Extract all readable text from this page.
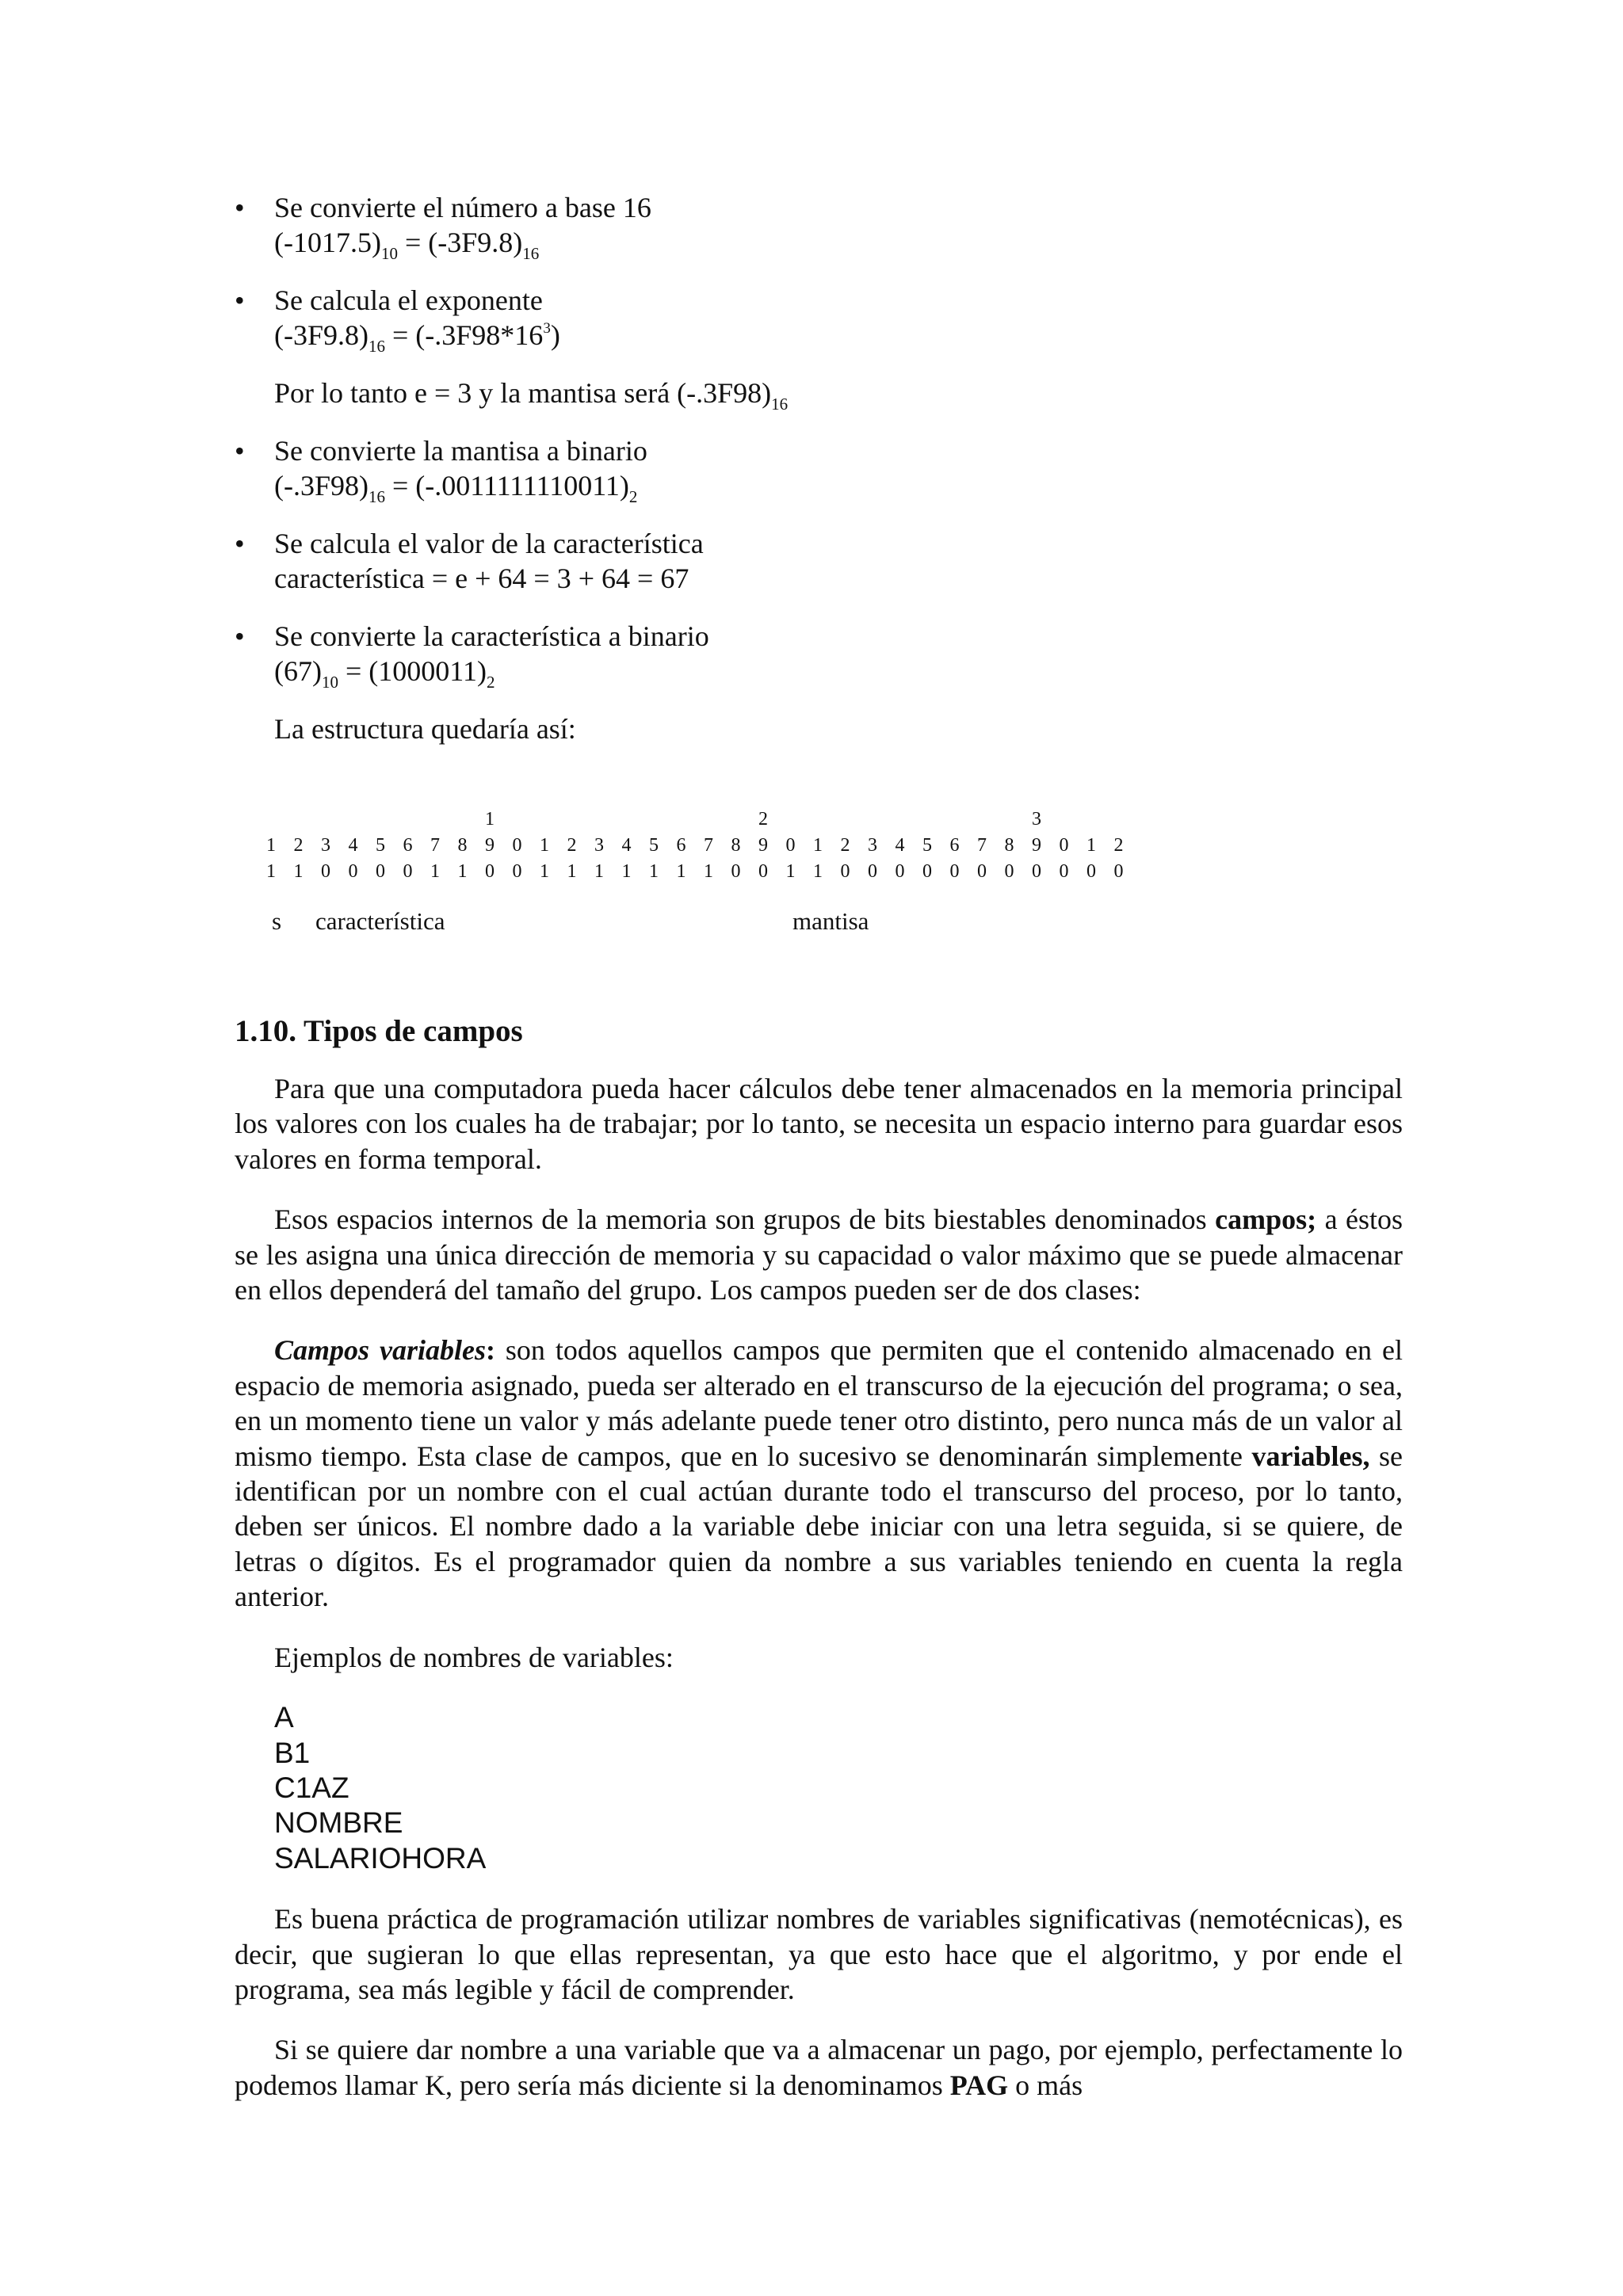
• Se convierte el número a base 16
$(-1017.5)_{10} = (-3F9.8)_{16}$
• Se calcula el exponente
$(-3F9.8)_{16} = (-.3F98*16^3)$
Por lo tanto e = 3 y la mantisa será $(-.3F98)_{16}$
• Se convierte la mantisa a binario
$(-.3F98)_{16} = (-.0011111110011)_2$
• Se calcula el valor de la característica
característica = e + 64 = 3 + 64 = 67
• Se convierte la característica a binario
$(67)_{10} = (1000011)_2$
La estructura quedaría así:
1	2	3
1 2 3 4 5 6 7 8 9 0 1 2 3 4 5 6 7 8 9 0 1 2 3 4 5 6 7 8 9 0 1 2
1 1 0 0 0 0 1 1 0 0 1 1 1 1 1 1 1 0 0 1 1 0 0 0 0 0 0 0 0 0 0 0
s característica	mantisa
1.10. Tipos de campos

Para que una computadora pueda hacer cálculos debe tener almacenados en la memoria principal los valores con los cuales ha de trabajar; por lo tanto, se necesita un espacio interno para guardar esos valores en forma temporal.

Esos espacios internos de la memoria son grupos de bits biestables denominados campos; a éstos se les asigna una única dirección de memoria y su capacidad o valor máximo que se puede almacenar en ellos dependerá del tamaño del grupo. Los campos pueden ser de dos clases:

Campos variables: son todos aquellos campos que permiten que el contenido almacenado en el espacio de memoria asignado, pueda ser alterado en el transcurso de la ejecución del programa; o sea, en un momento tiene un valor y más adelante puede tener otro distinto, pero nunca más de un valor al mismo tiempo. Esta clase de campos, que en lo sucesivo se denominarán simplemente variables, se identifican por un nombre con el cual actúan durante todo el transcurso del proceso, por lo tanto, deben ser únicos. El nombre dado a la variable debe iniciar con una letra seguida, si se quiere, de letras o dígitos. Es el programador quien da nombre a sus variables teniendo en cuenta la regla anterior.

Ejemplos de nombres de variables:

A
B1
C1AZ
NOMBRE
SALARIOHORA

Es buena práctica de programación utilizar nombres de variables significativas (nemotécnicas), es decir, que sugieran lo que ellas representan, ya que esto hace que el algoritmo, y por ende el programa, sea más legible y fácil de comprender.

Si se quiere dar nombre a una variable que va a almacenar un pago, por ejemplo, perfectamente lo podemos llamar K, pero sería más diciente si la denominamos PAG o más
